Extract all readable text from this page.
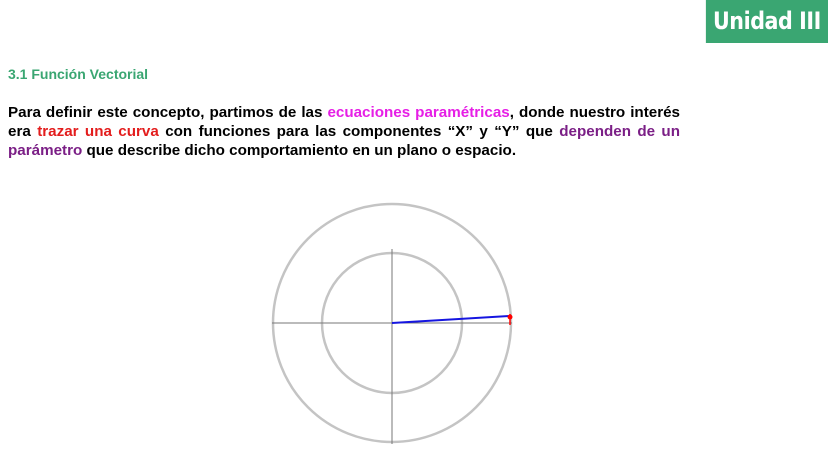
Unidad III
3.1 Función Vectorial

Para definir este concepto, partimos de las ecuaciones paramétricas, donde nuestro interés era trazar una curva con funciones para las componentes “X” y “Y” que dependen de un parámetro que describe dicho comportamiento en un plano o espacio.
